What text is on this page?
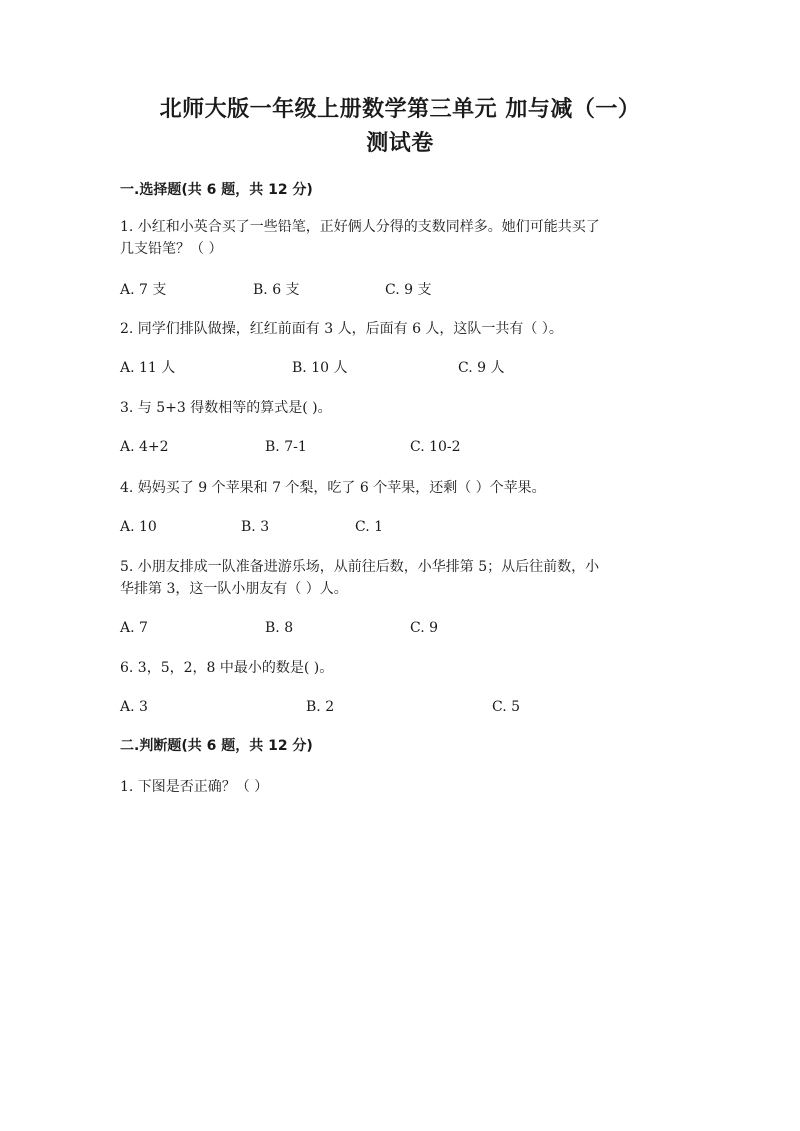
北师大版一年级上册数学第三单元 加与减（一）
测试卷
一.选择题(共 6 题，共 12 分)
1. 小红和小英合买了一些铅笔，正好俩人分得的支数同样多。她们可能共买了
几支铅笔？（ ）
A. 7 支	B. 6 支	C. 9 支
2. 同学们排队做操，红红前面有 3 人，后面有 6 人，这队一共有（ ）。
A. 11 人	B. 10 人	C. 9 人
3. 与 5+3 得数相等的算式是( )。
A. 4+2	B. 7-1	C. 10-2
4. 妈妈买了 9 个苹果和 7 个梨，吃了 6 个苹果，还剩（ ）个苹果。
A. 10	B. 3	C. 1
5. 小朋友排成一队准备进游乐场，从前往后数，小华排第 5；从后往前数，小
华排第 3，这一队小朋友有（ ）人。
A. 7	B. 8	C. 9
6. 3，5，2，8 中最小的数是( )。
A. 3	B. 2	C. 5
二.判断题(共 6 题，共 12 分)
1. 下图是否正确？（ ）
